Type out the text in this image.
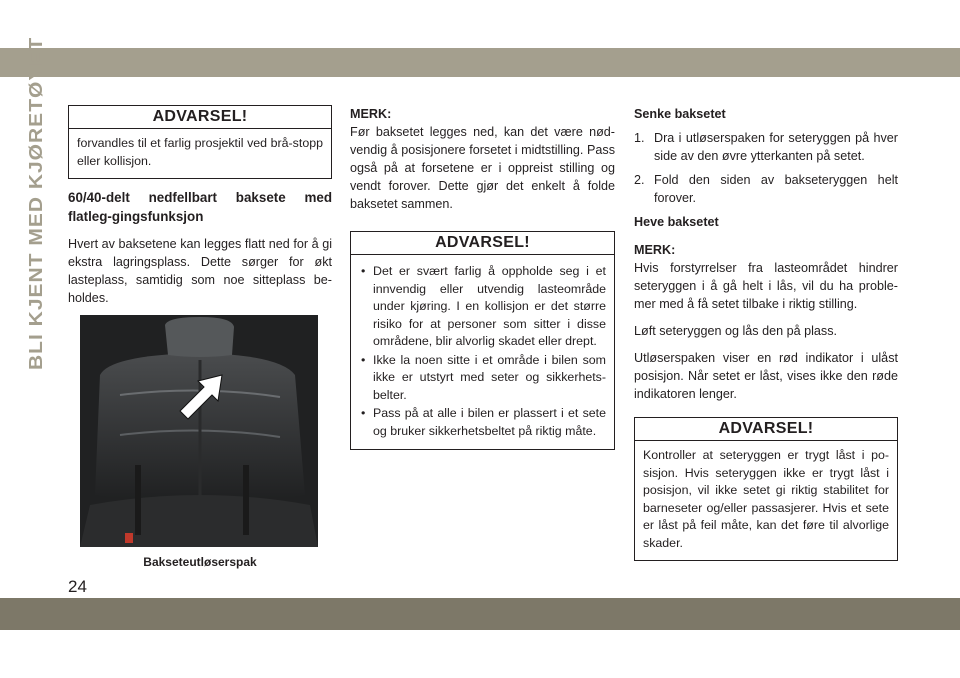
BLI KJENT MED KJØRETØYET	ADVARSEL!
forvandles til et farlig prosjektil ved brå-stopp eller kollisjon.
60/40-delt nedfellbart baksete med flatleg-gingsfunksjon
Hvert av baksetene kan legges flatt ned for å gi ekstra lagringsplass. Dette sørger for økt lasteplass, samtidig som noe sitteplass be-holdes.
Bakseteutløserspak
MERK:
Før baksetet legges ned, kan det være nød-vendig å posisjonere forsetet i midtstilling. Pass også på at forsetene er i oppreist stilling og vendt forover. Dette gjør det enkelt å folde baksetet sammen.
ADVARSEL!
• Det er svært farlig å oppholde seg i et innvendig eller utvendig lasteområde under kjøring. I en kollisjon er det større risiko for at personer som sitter i disse områdene, blir alvorlig skadet eller drept.
• Ikke la noen sitte i et område i bilen som ikke er utstyrt med seter og sikkerhets-belter.
• Pass på at alle i bilen er plassert i et sete og bruker sikkerhetsbeltet på riktig måte.
Senke baksetet
1. Dra i utløserspaken for seteryggen på hver side av den øvre ytterkanten på setet.
2. Fold den siden av bakseteryggen helt forover.
Heve baksetet
MERK:
Hvis forstyrrelser fra lasteområdet hindrer seteryggen i å gå helt i lås, vil du ha proble-mer med å få setet tilbake i riktig stilling.
Løft seteryggen og lås den på plass.
Utløserspaken viser en rød indikator i ulåst posisjon. Når setet er låst, vises ikke den røde indikatoren lenger.
ADVARSEL!
Kontroller at seteryggen er trygt låst i po-sisjon. Hvis seteryggen ikke er trygt låst i posisjon, vil ikke setet gi riktig stabilitet for barneseter og/eller passasjerer. Hvis et sete er låst på feil måte, kan det føre til alvorlige skader.
24
